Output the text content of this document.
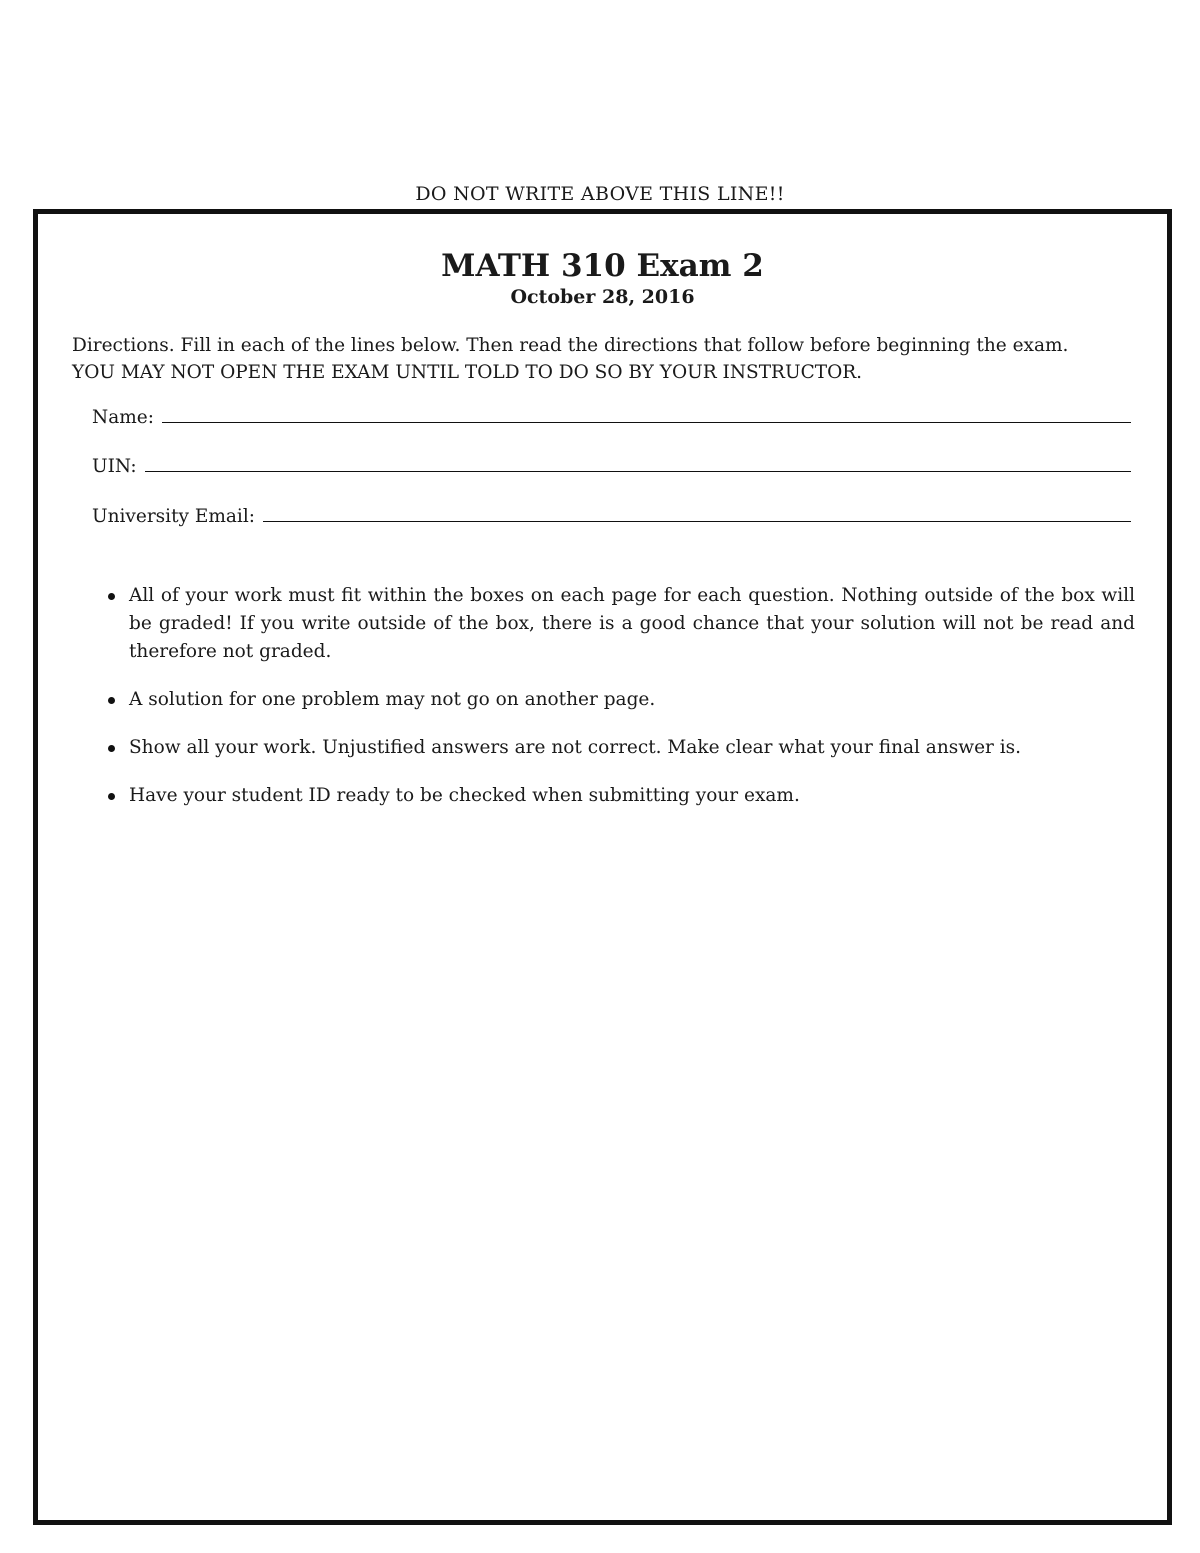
DO NOT WRITE ABOVE THIS LINE!!
MATH 310 Exam 2
October 28, 2016
Directions. Fill in each of the lines below. Then read the directions that follow before beginning the exam.
YOU MAY NOT OPEN THE EXAM UNTIL TOLD TO DO SO BY YOUR INSTRUCTOR.
Name:
UIN:
University Email:
All of your work must fit within the boxes on each page for each question. Nothing outside of the box will be graded! If you write outside of the box, there is a good chance that your solution will not be read and therefore not graded.
A solution for one problem may not go on another page.
Show all your work. Unjustified answers are not correct. Make clear what your final answer is.
Have your student ID ready to be checked when submitting your exam.
